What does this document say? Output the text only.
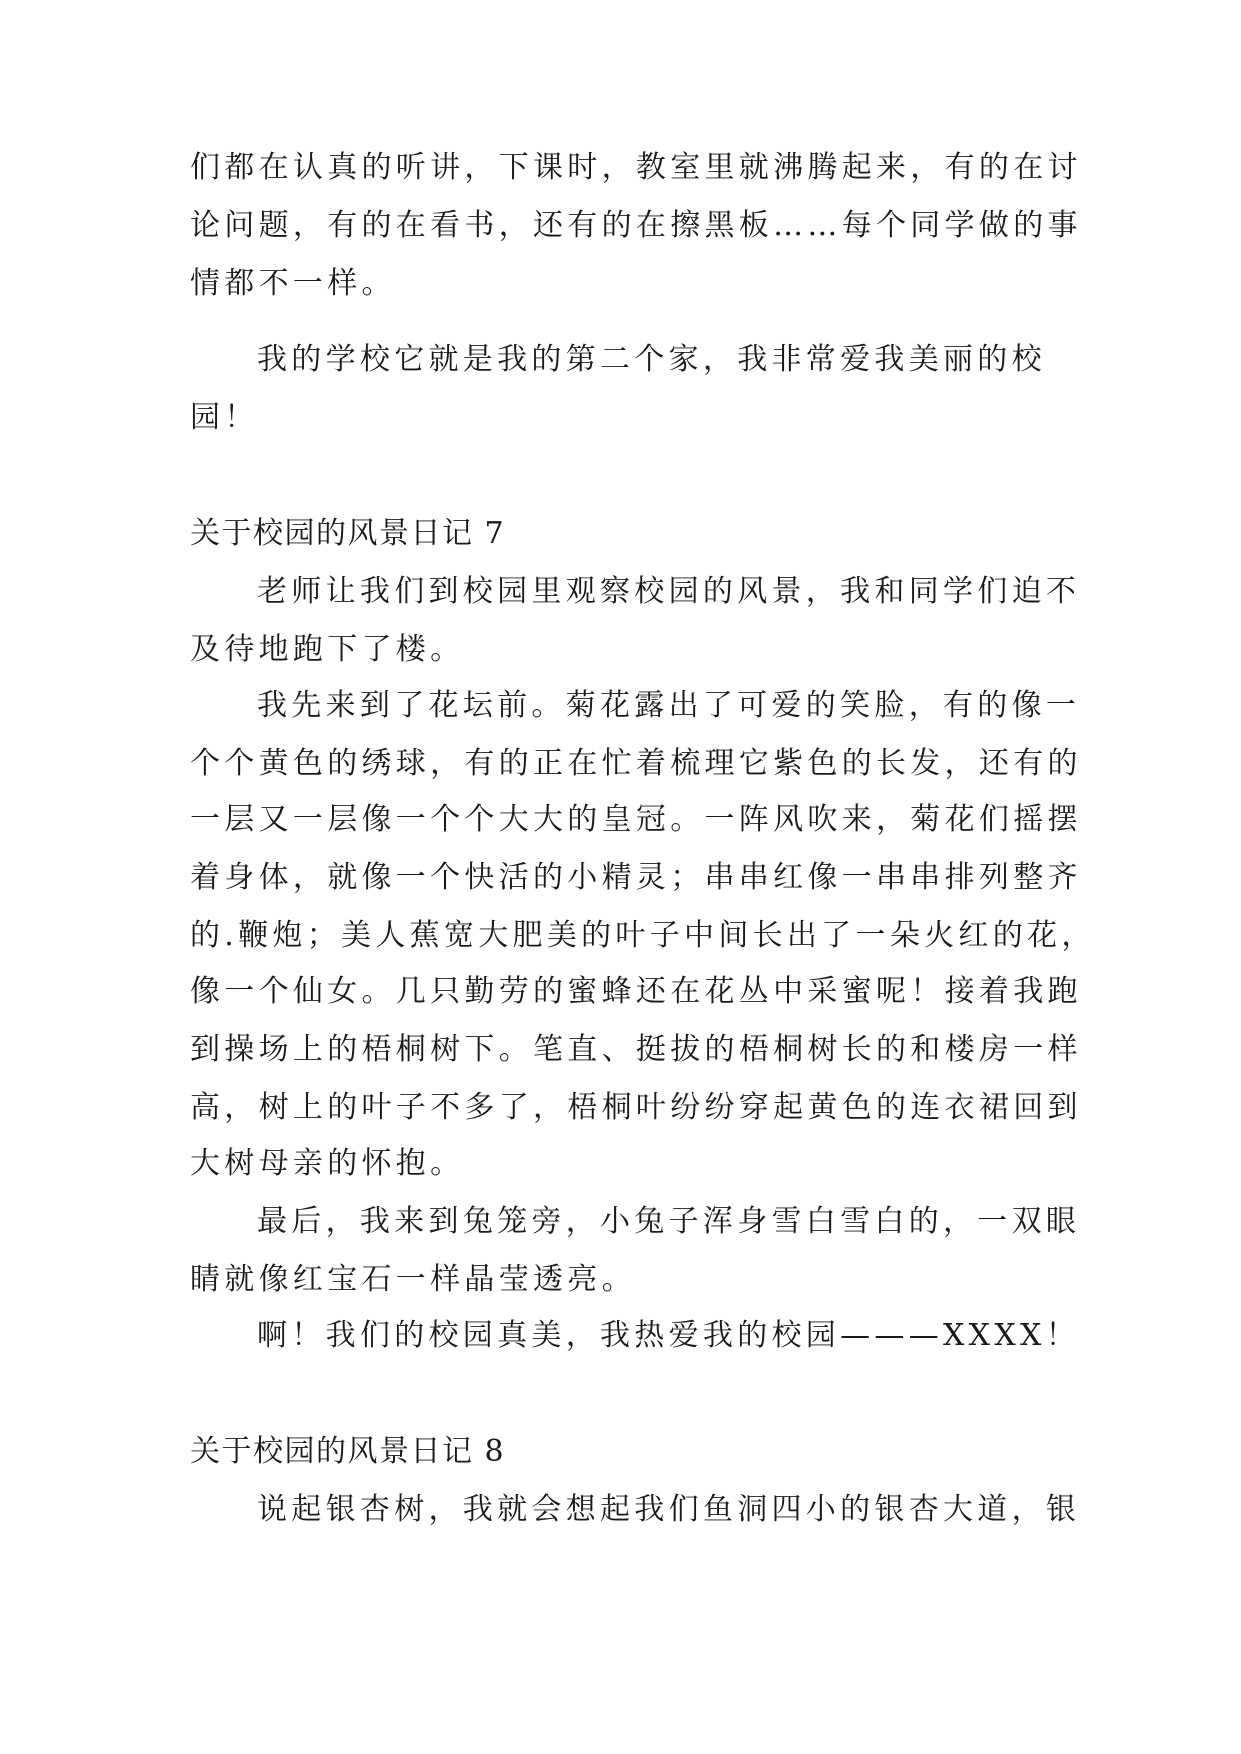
们都在认真的听讲，下课时，教室里就沸腾起来，有的在讨
论问题，有的在看书，还有的在擦黑板……每个同学做的事
情都不一样。
我的学校它就是我的第二个家，我非常爱我美丽的校
园！
关于校园的风景日记 7
老师让我们到校园里观察校园的风景，我和同学们迫不
及待地跑下了楼。
我先来到了花坛前。菊花露出了可爱的笑脸，有的像一
个个黄色的绣球，有的正在忙着梳理它紫色的长发，还有的
一层又一层像一个个大大的皇冠。一阵风吹来，菊花们摇摆
着身体，就像一个快活的小精灵；串串红像一串串排列整齐
的.鞭炮；美人蕉宽大肥美的叶子中间长出了一朵火红的花，
像一个仙女。几只勤劳的蜜蜂还在花丛中采蜜呢！接着我跑
到操场上的梧桐树下。笔直、挺拔的梧桐树长的和楼房一样
高，树上的叶子不多了，梧桐叶纷纷穿起黄色的连衣裙回到
大树母亲的怀抱。
最后，我来到兔笼旁，小兔子浑身雪白雪白的，一双眼
睛就像红宝石一样晶莹透亮。
啊！我们的校园真美，我热爱我的校园———XXXX！
关于校园的风景日记 8
说起银杏树，我就会想起我们鱼洞四小的银杏大道，银
